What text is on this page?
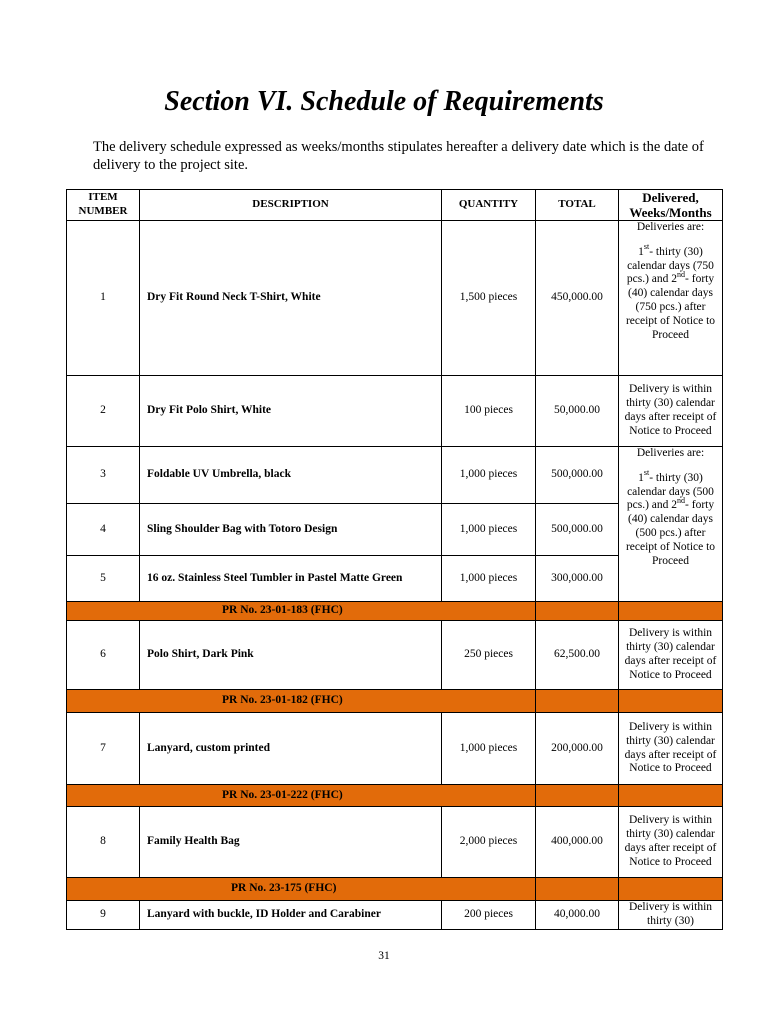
Section VI. Schedule of Requirements
The delivery schedule expressed as weeks/months stipulates hereafter a delivery date which is the date of delivery to the project site.
ITEM NUMBER	DESCRIPTION	QUANTITY	TOTAL	Delivered, Weeks/Months
1	Dry Fit Round Neck T-Shirt, White	1,500 pieces	450,000.00	Deliveries are:
1st- thirty (30) calendar days (750 pcs.) and 2nd- forty (40) calendar days (750 pcs.) after receipt of Notice to Proceed
2	Dry Fit Polo Shirt, White	100 pieces	50,000.00	Delivery is within thirty (30) calendar days after receipt of Notice to Proceed
3	Foldable UV Umbrella, black	1,000 pieces	500,000.00	Deliveries are:
1st- thirty (30) calendar days (500 pcs.) and 2nd- forty (40) calendar days (500 pcs.) after receipt of Notice to Proceed
4	Sling Shoulder Bag with Totoro Design	1,000 pieces	500,000.00	
5	16 oz. Stainless Steel Tumbler in Pastel Matte Green	1,000 pieces	300,000.00	
PR No. 23-01-183 (FHC)				
6	Polo Shirt, Dark Pink	250 pieces	62,500.00	Delivery is within thirty (30) calendar days after receipt of Notice to Proceed
PR No. 23-01-182 (FHC)				
7	Lanyard, custom printed	1,000 pieces	200,000.00	Delivery is within thirty (30) calendar days after receipt of Notice to Proceed
PR No. 23-01-222 (FHC)				
8	Family Health Bag	2,000 pieces	400,000.00	Delivery is within thirty (30) calendar days after receipt of Notice to Proceed
PR No. 23-175 (FHC)				
9	Lanyard with buckle, ID Holder and Carabiner	200 pieces	40,000.00	Delivery is within thirty (30)
31
